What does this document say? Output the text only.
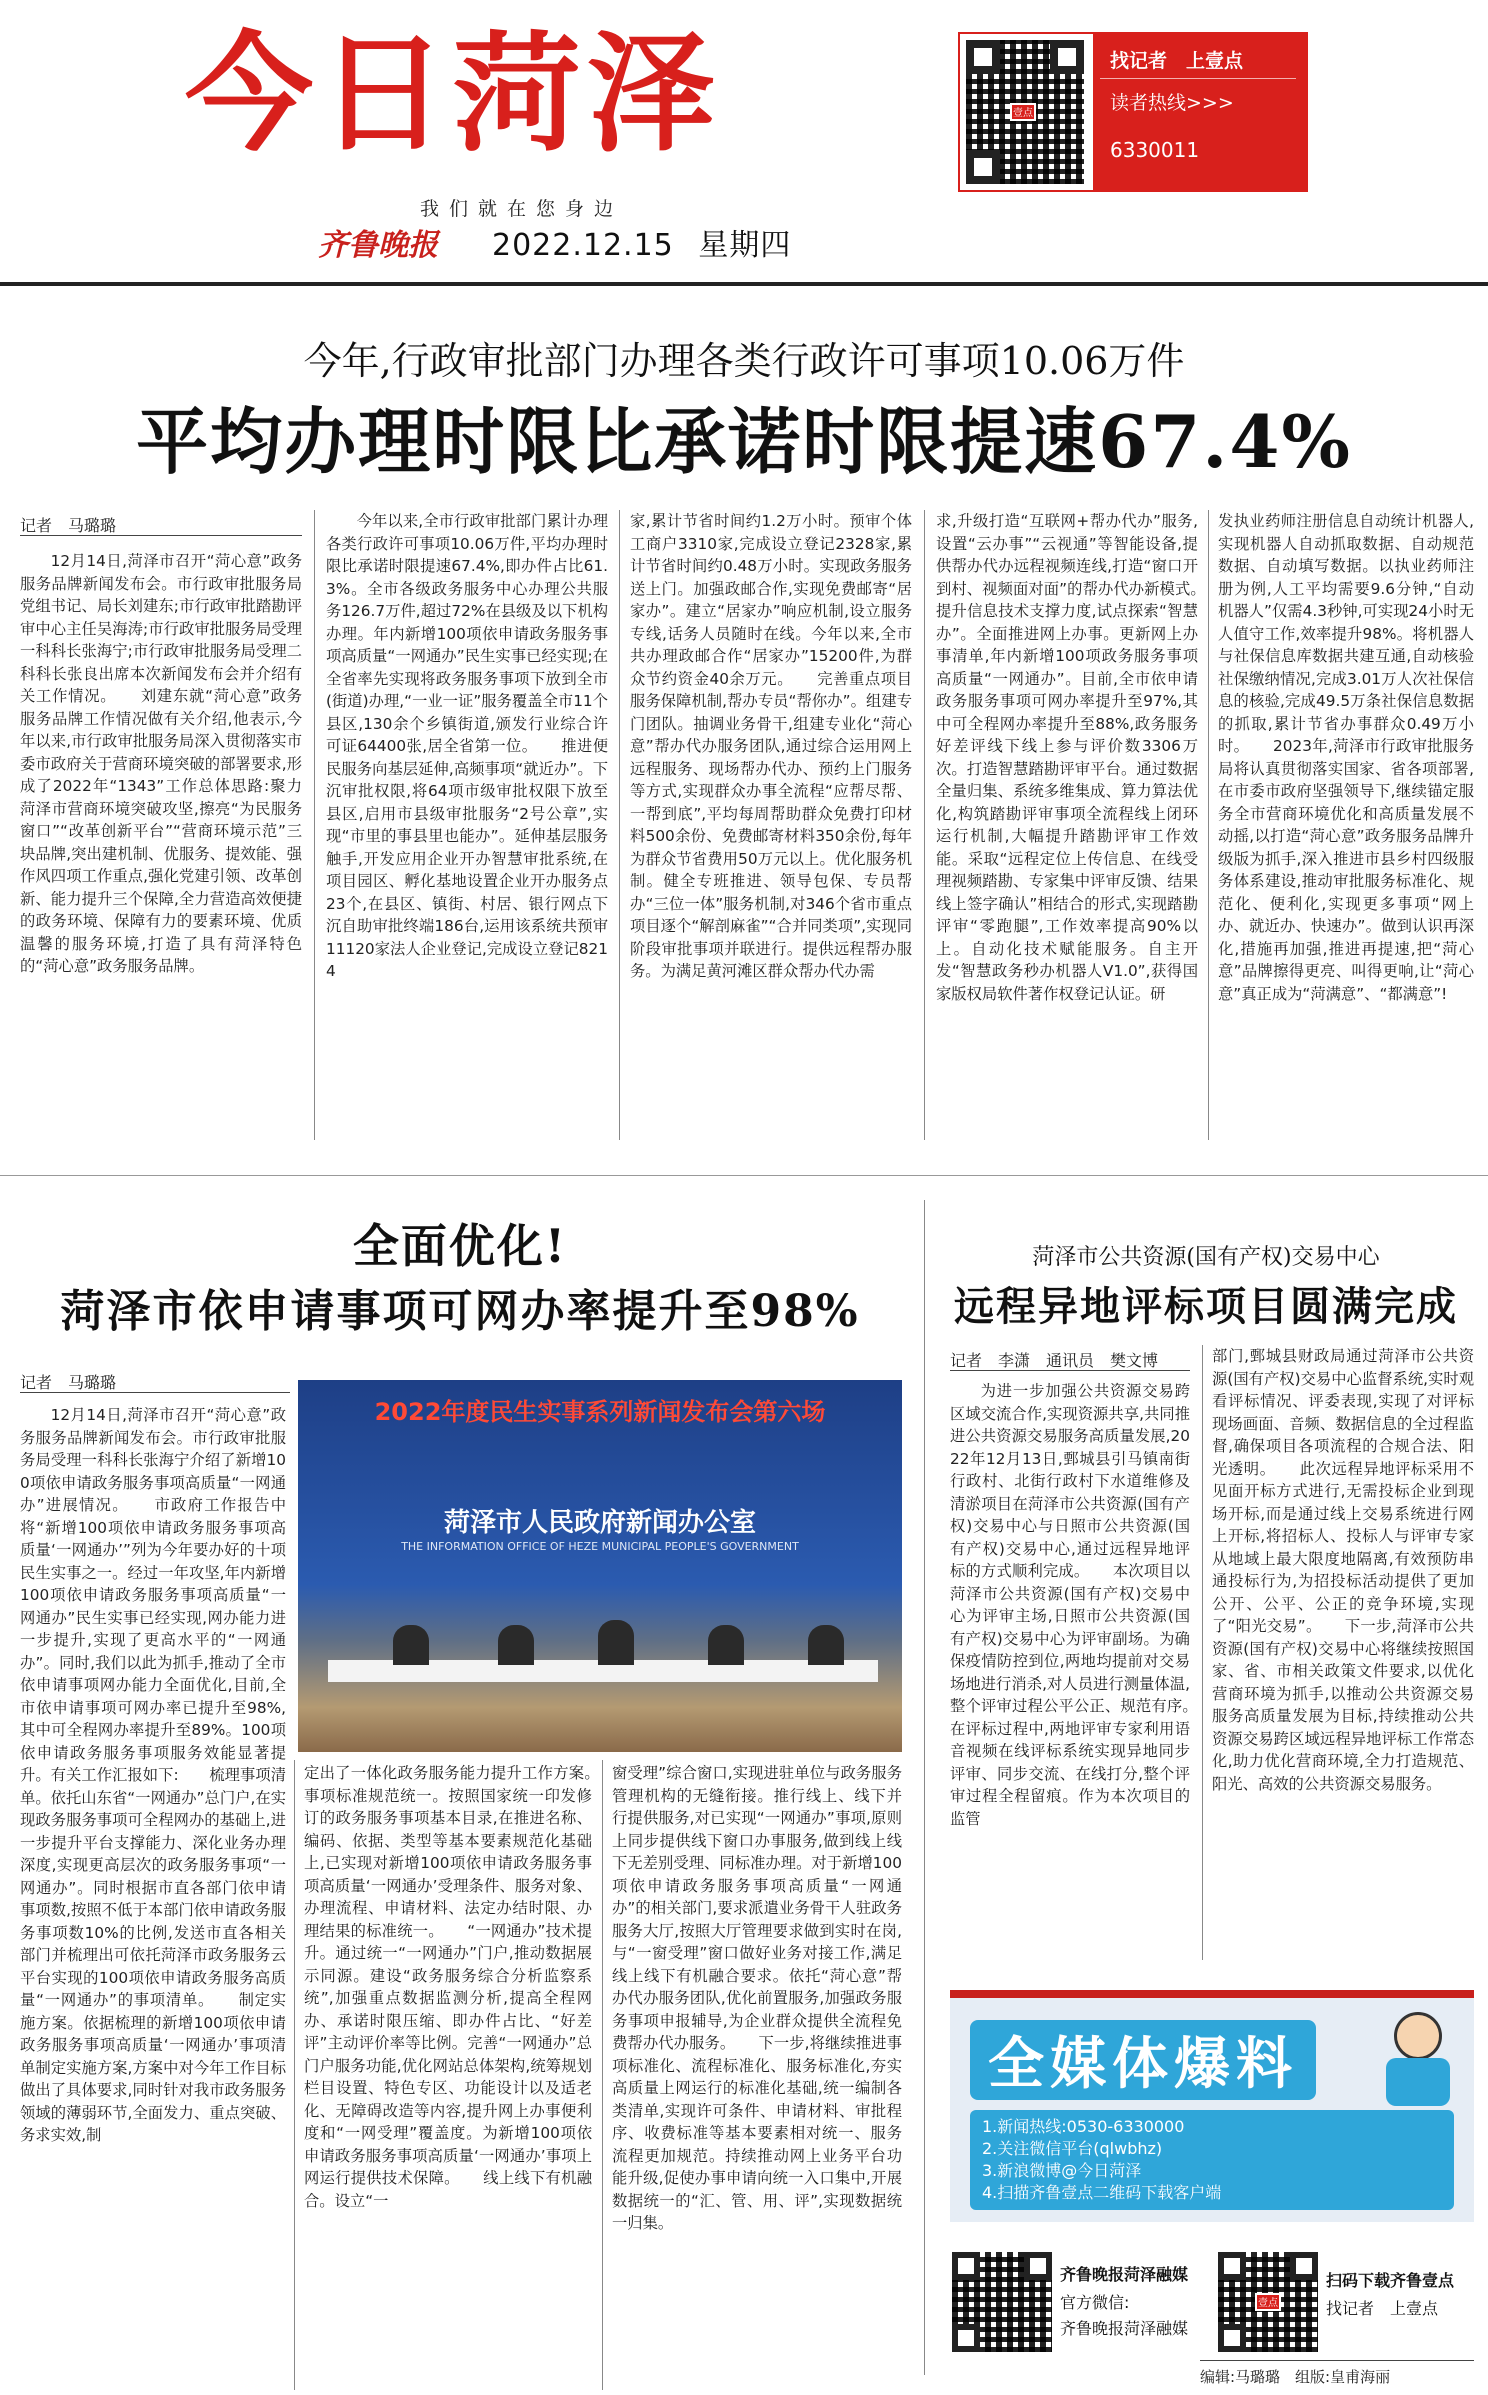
今日菏泽
我们就在您身边
齐鲁晚报 2022.12.15 星期四
壹点
找记者　上壹点
读者热线>>>
6330011
今年,行政审批部门办理各类行政许可事项10.06万件
平均办理时限比承诺时限提速67.4%
记者　马璐璐
12月14日,菏泽市召开“菏心意”政务服务品牌新闻发布会。市行政审批服务局党组书记、局长刘建东;市行政审批踏勘评审中心主任吴海涛;市行政审批服务局受理一科科长张海宁;市行政审批服务局受理二科科长张良出席本次新闻发布会并介绍有关工作情况。　　刘建东就“菏心意”政务服务品牌工作情况做有关介绍,他表示,今年以来,市行政审批服务局深入贯彻落实市委市政府关于营商环境突破的部署要求,形成了2022年“1343”工作总体思路:聚力菏泽市营商环境突破攻坚,擦亮“为民服务窗口”“改革创新平台”“营商环境示范”三块品牌,突出建机制、优服务、提效能、强作风四项工作重点,强化党建引领、改革创新、能力提升三个保障,全力营造高效便捷的政务环境、保障有力的要素环境、优质温馨的服务环境,打造了具有菏泽特色的“菏心意”政务服务品牌。
今年以来,全市行政审批部门累计办理各类行政许可事项10.06万件,平均办理时限比承诺时限提速67.4%,即办件占比61.3%。全市各级政务服务中心办理公共服务126.7万件,超过72%在县级及以下机构办理。年内新增100项依申请政务服务事项高质量“一网通办”民生实事已经实现;在全省率先实现将政务服务事项下放到全市(街道)办理,“一业一证”服务覆盖全市11个县区,130余个乡镇街道,颁发行业综合许可证64400张,居全省第一位。　　推进便民服务向基层延伸,高频事项“就近办”。下沉审批权限,将64项市级审批权限下放至县区,启用市县级审批服务“2号公章”,实现“市里的事县里也能办”。延伸基层服务触手,开发应用企业开办智慧审批系统,在项目园区、孵化基地设置企业开办服务点23个,在县区、镇街、村居、银行网点下沉自助审批终端186台,运用该系统共预审11120家法人企业登记,完成设立登记8214
家,累计节省时间约1.2万小时。预审个体工商户3310家,完成设立登记2328家,累计节省时间约0.48万小时。实现政务服务送上门。加强政邮合作,实现免费邮寄“居家办”。建立“居家办”响应机制,设立服务专线,话务人员随时在线。今年以来,全市共办理政邮合作“居家办”15200件,为群众节约资金40余万元。　　完善重点项目服务保障机制,帮办专员“帮你办”。组建专门团队。抽调业务骨干,组建专业化“菏心意”帮办代办服务团队,通过综合运用网上远程服务、现场帮办代办、预约上门服务等方式,实现群众办事全流程“应帮尽帮、一帮到底”,平均每周帮助群众免费打印材料500余份、免费邮寄材料350余份,每年为群众节省费用50万元以上。优化服务机制。健全专班推进、领导包保、专员帮办“三位一体”服务机制,对346个省市重点项目逐个“解剖麻雀”“合并同类项”,实现同阶段审批事项并联进行。提供远程帮办服务。为满足黄河滩区群众帮办代办需
求,升级打造“互联网+帮办代办”服务,设置“云办事”“云视通”等智能设备,提供帮办代办远程视频连线,打造“窗口开到村、视频面对面”的帮办代办新模式。　　提升信息技术支撑力度,试点探索“智慧办”。全面推进网上办事。更新网上办事清单,年内新增100项政务服务事项高质量“一网通办”。目前,全市依申请政务服务事项可网办率提升至97%,其中可全程网办率提升至88%,政务服务好差评线下线上参与评价数3306万次。打造智慧踏勘评审平台。通过数据全量归集、系统多维集成、算力算法优化,构筑踏勘评审事项全流程线上闭环运行机制,大幅提升踏勘评审工作效能。采取“远程定位上传信息、在线受理视频踏勘、专家集中评审反馈、结果线上签字确认”相结合的形式,实现踏勘评审“零跑腿”,工作效率提高90%以上。自动化技术赋能服务。自主开发“智慧政务秒办机器人V1.0”,获得国家版权局软件著作权登记认证。研
发执业药师注册信息自动统计机器人,实现机器人自动抓取数据、自动规范数据、自动填写数据。以执业药师注册为例,人工平均需要9.6分钟,“自动机器人”仅需4.3秒钟,可实现24小时无人值守工作,效率提升98%。将机器人与社保信息库数据共建互通,自动核验社保缴纳情况,完成3.01万人次社保信息的核验,完成49.5万条社保信息数据的抓取,累计节省办事群众0.49万小时。　　2023年,菏泽市行政审批服务局将认真贯彻落实国家、省各项部署,在市委市政府坚强领导下,继续锚定服务全市营商环境优化和高质量发展不动摇,以打造“菏心意”政务服务品牌升级版为抓手,深入推进市县乡村四级服务体系建设,推动审批服务标准化、规范化、便利化,实现更多事项“网上办、就近办、快速办”。做到认识再深化,措施再加强,推进再提速,把“菏心意”品牌擦得更亮、叫得更响,让“菏心意”真正成为“菏满意”、“都满意”!
全面优化!
菏泽市依申请事项可网办率提升至98%
记者　马璐璐
2022年度民生实事系列新闻发布会第六场
菏泽市人民政府新闻办公室
THE INFORMATION OFFICE OF HEZE MUNICIPAL PEOPLE'S GOVERNMENT
12月14日,菏泽市召开“菏心意”政务服务品牌新闻发布会。市行政审批服务局受理一科科长张海宁介绍了新增100项依申请政务服务事项高质量“一网通办”进展情况。　　市政府工作报告中将“新增100项依申请政务服务事项高质量‘一网通办’”列为今年要办好的十项民生实事之一。经过一年攻坚,年内新增100项依申请政务服务事项高质量“一网通办”民生实事已经实现,网办能力进一步提升,实现了更高水平的“一网通办”。同时,我们以此为抓手,推动了全市依申请事项网办能力全面优化,目前,全市依申请事项可网办率已提升至98%,其中可全程网办率提升至89%。100项依申请政务服务事项服务效能显著提升。有关工作汇报如下:　　梳理事项清单。依托山东省“一网通办”总门户,在实现政务服务事项可全程网办的基础上,进一步提升平台支撑能力、深化业务办理深度,实现更高层次的政务服务事项“一网通办”。同时根据市直各部门依申请事项数,按照不低于本部门依申请政务服务事项数10%的比例,发送市直各相关部门并梳理出可依托菏泽市政务服务云平台实现的100项依申请政务服务高质量“一网通办”的事项清单。　　制定实施方案。依据梳理的新增100项依申请政务服务事项高质量‘一网通办’事项清单制定实施方案,方案中对今年工作目标做出了具体要求,同时针对我市政务服务领域的薄弱环节,全面发力、重点突破、务求实效,制
定出了一体化政务服务能力提升工作方案。　　事项标准规范统一。按照国家统一印发修订的政务服务事项基本目录,在推进名称、编码、依据、类型等基本要素规范化基础上,已实现对新增100项依申请政务服务事项高质量‘一网通办’受理条件、服务对象、办理流程、申请材料、法定办结时限、办理结果的标准统一。　　“一网通办”技术提升。通过统一“一网通办”门户,推动数据展示同源。建设“政务服务综合分析监察系统”,加强重点数据监测分析,提高全程网办、承诺时限压缩、即办件占比、“好差评”主动评价率等比例。完善“一网通办”总门户服务功能,优化网站总体架构,统筹规划栏目设置、特色专区、功能设计以及适老化、无障碍改造等内容,提升网上办事便利度和“一网受理”覆盖度。为新增100项依申请政务服务事项高质量‘一网通办’事项上网运行提供技术保障。　　线上线下有机融合。设立“一
窗受理”综合窗口,实现进驻单位与政务服务管理机构的无缝衔接。推行线上、线下并行提供服务,对已实现“一网通办”事项,原则上同步提供线下窗口办事服务,做到线上线下无差别受理、同标准办理。对于新增100项依申请政务服务事项高质量“一网通办”的相关部门,要求派遣业务骨干人驻政务服务大厅,按照大厅管理要求做到实时在岗,与“一窗受理”窗口做好业务对接工作,满足线上线下有机融合要求。依托“菏心意”帮办代办服务团队,优化前置服务,加强政务服务事项申报辅导,为企业群众提供全流程免费帮办代办服务。　　下一步,将继续推进事项标准化、流程标准化、服务标准化,夯实高质量上网运行的标准化基础,统一编制各类清单,实现许可条件、申请材料、审批程序、收费标准等基本要素相对统一、服务流程更加规范。持续推动网上业务平台功能升级,促使办事申请向统一入口集中,开展数据统一的“汇、管、用、评”,实现数据统一归集。
菏泽市公共资源(国有产权)交易中心
远程异地评标项目圆满完成
记者　李潇　通讯员　樊文博
为进一步加强公共资源交易跨区域交流合作,实现资源共享,共同推进公共资源交易服务高质量发展,2022年12月13日,鄄城县引马镇南街行政村、北街行政村下水道维修及清淤项目在菏泽市公共资源(国有产权)交易中心与日照市公共资源(国有产权)交易中心,通过远程异地评标的方式顺利完成。　　本次项目以菏泽市公共资源(国有产权)交易中心为评审主场,日照市公共资源(国有产权)交易中心为评审副场。为确保疫情防控到位,两地均提前对交易场地进行消杀,对人员进行测量体温,整个评审过程公平公正、规范有序。　　在评标过程中,两地评审专家利用语音视频在线评标系统实现异地同步评审、同步交流、在线打分,整个评审过程全程留痕。作为本次项目的监管
部门,鄄城县财政局通过菏泽市公共资源(国有产权)交易中心监督系统,实时观看评标情况、评委表现,实现了对评标现场画面、音频、数据信息的全过程监督,确保项目各项流程的合规合法、阳光透明。　　此次远程异地评标采用不见面开标方式进行,无需投标企业到现场开标,而是通过线上交易系统进行网上开标,将招标人、投标人与评审专家从地域上最大限度地隔离,有效预防串通投标行为,为招投标活动提供了更加公开、公平、公正的竞争环境,实现了“阳光交易”。　　下一步,菏泽市公共资源(国有产权)交易中心将继续按照国家、省、市相关政策文件要求,以优化营商环境为抓手,以推动公共资源交易服务高质量发展为目标,持续推动公共资源交易跨区域远程异地评标工作常态化,助力优化营商环境,全力打造规范、阳光、高效的公共资源交易服务。
全媒体爆料
1.新闻热线:0530-6330000
2.关注微信平台(qlwbhz)
3.新浪微博@今日菏泽
4.扫描齐鲁壹点二维码下载客户端
齐鲁晚报菏泽融媒
官方微信:
齐鲁晚报菏泽融媒
壹点
扫码下载齐鲁壹点
找记者　上壹点
编辑:马璐璐　组版:皇甫海丽
